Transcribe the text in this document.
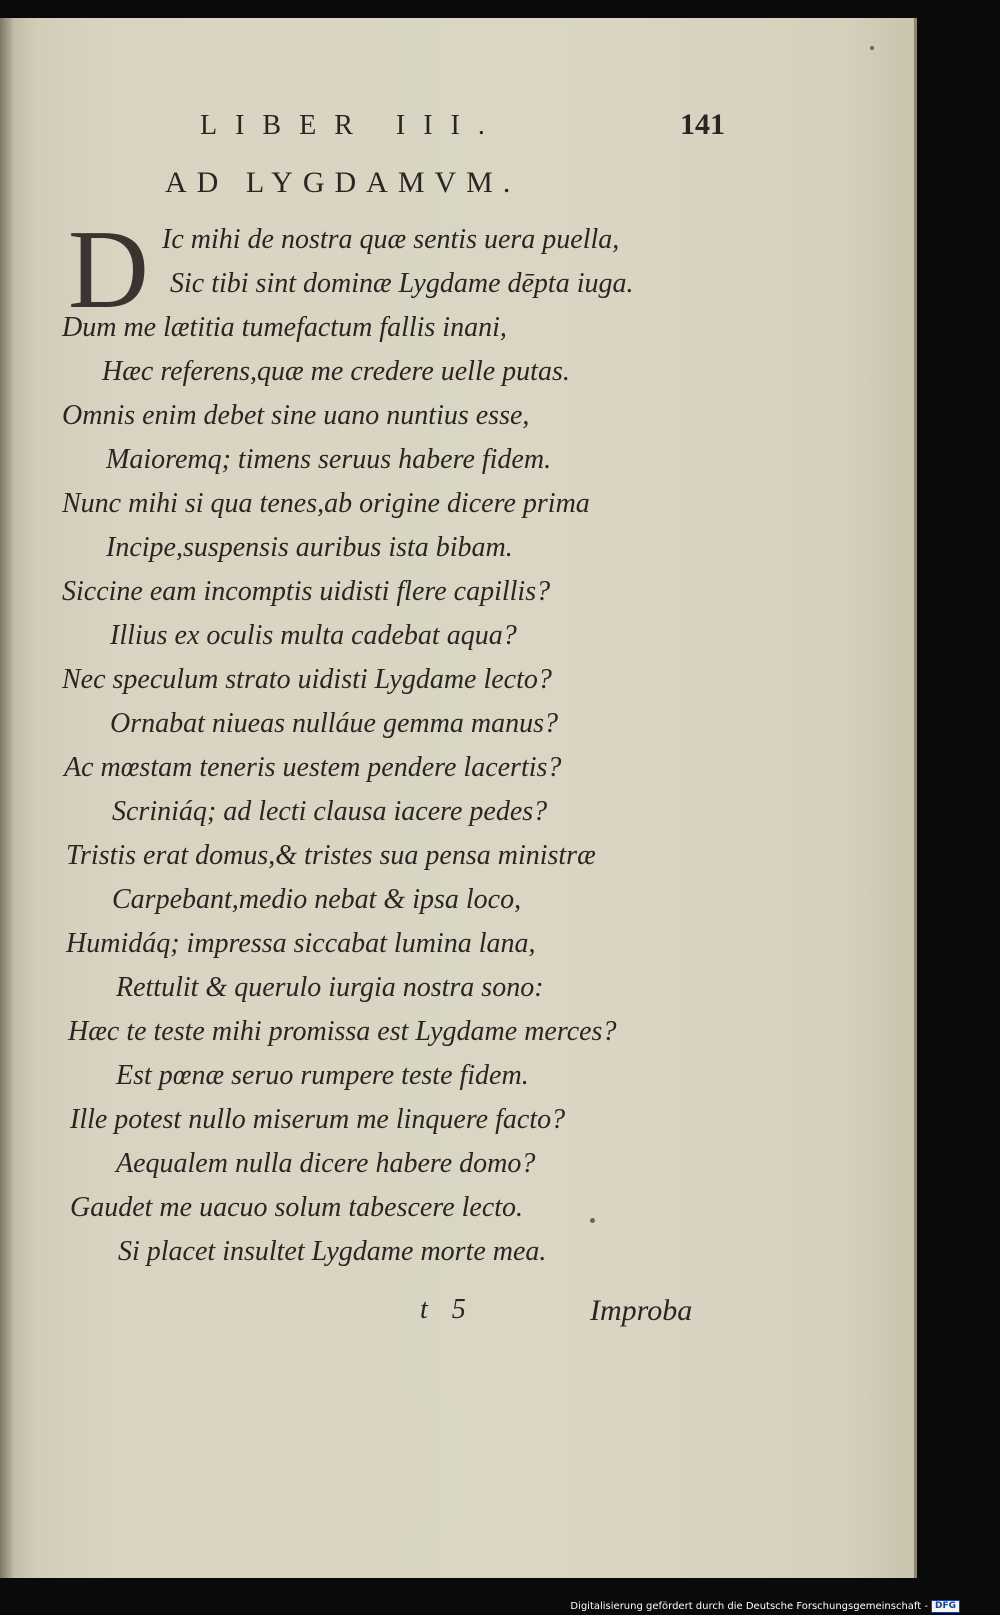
LIBER III.	141
AD LYGDAMVM.
D Ic mihi de nostra quæ sentis uera puella,
Sic tibi sint dominæ Lygdame dēpta iuga.
Dum me lætitia tumefactum fallis inani,
Hæc referens,quæ me credere uelle putas.
Omnis enim debet sine uano nuntius esse,
Maioremq; timens seruus habere fidem.
Nunc mihi si qua tenes,ab origine dicere prima
Incipe,suspensis auribus ista bibam.
Siccine eam incomptis uidisti flere capillis?
Illius ex oculis multa cadebat aqua?
Nec speculum strato uidisti Lygdame lecto?
Ornabat niueas nulláue gemma manus?
Ac mœstam teneris uestem pendere lacertis?
Scriniáq; ad lecti clausa iacere pedes?
Tristis erat domus,& tristes sua pensa ministræ
Carpebant,medio nebat & ipsa loco,
Humidáq; impressa siccabat lumina lana,
Rettulit & querulo iurgia nostra sono:
Hæc te teste mihi promissa est Lygdame merces?
Est pœnæ seruo rumpere teste fidem.
Ille potest nullo miserum me linquere facto?
Aequalem nulla dicere habere domo?
Gaudet me uacuo solum tabescere lecto.
Si placet insultet Lygdame morte mea.
t 5	Improba
Digitalisierung gefördert durch die Deutsche Forschungsgemeinschaft - DFG
